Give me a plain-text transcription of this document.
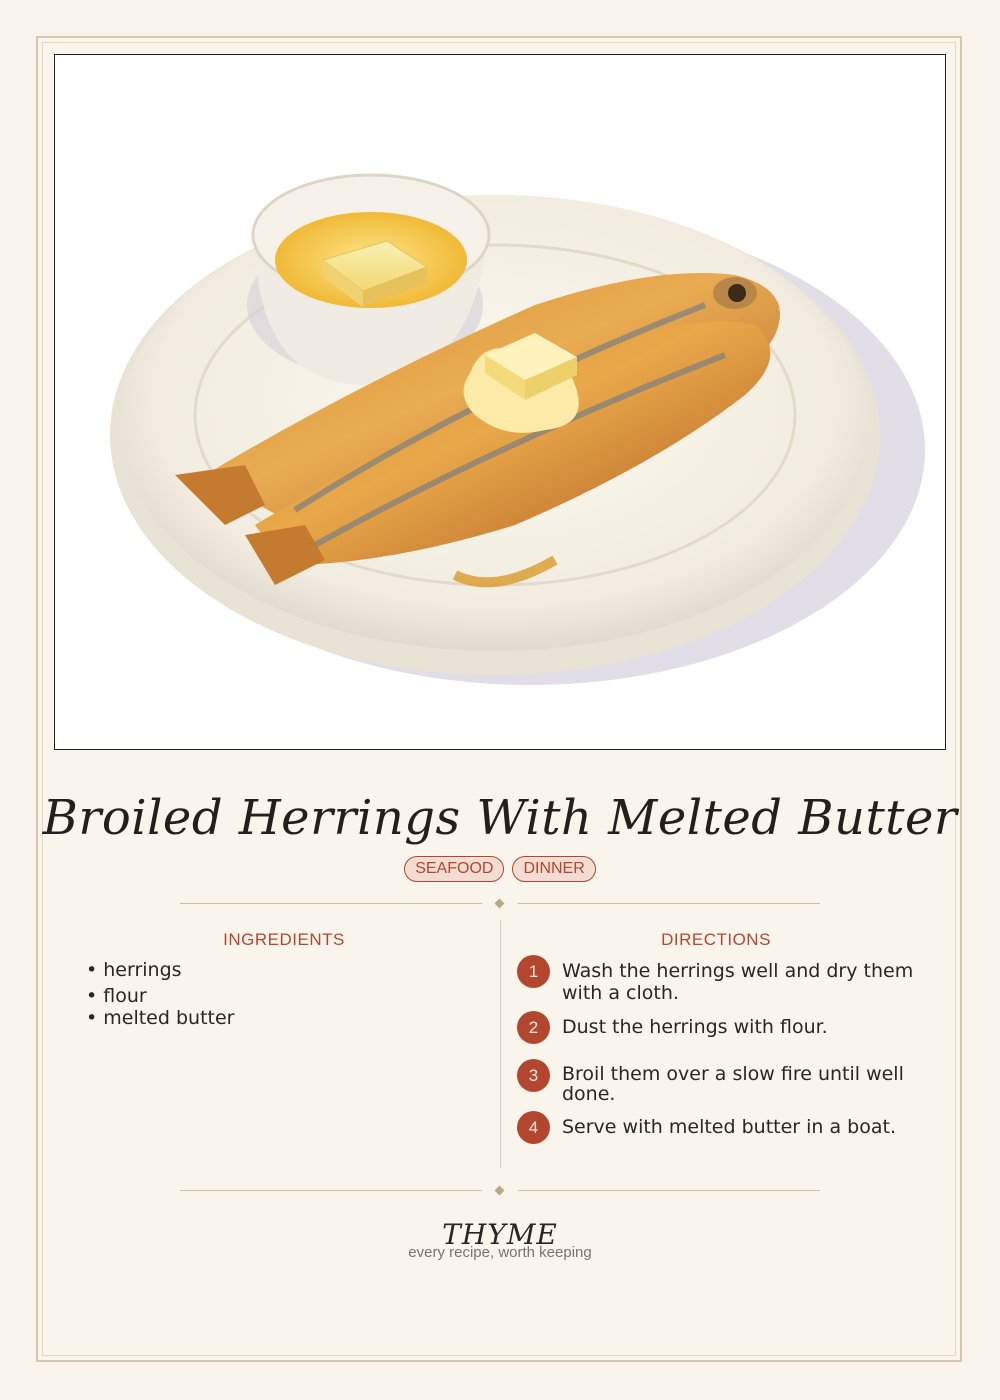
Broiled Herrings With Melted Butter
SEAFOOD	DINNER
INGREDIENTS
• herrings
• flour
• melted butter
DIRECTIONS
1	Wash the herrings well and dry them with a cloth.
2	Dust the herrings with flour.
3	Broil them over a slow fire until well done.
4	Serve with melted butter in a boat.
THYME
every recipe, worth keeping
